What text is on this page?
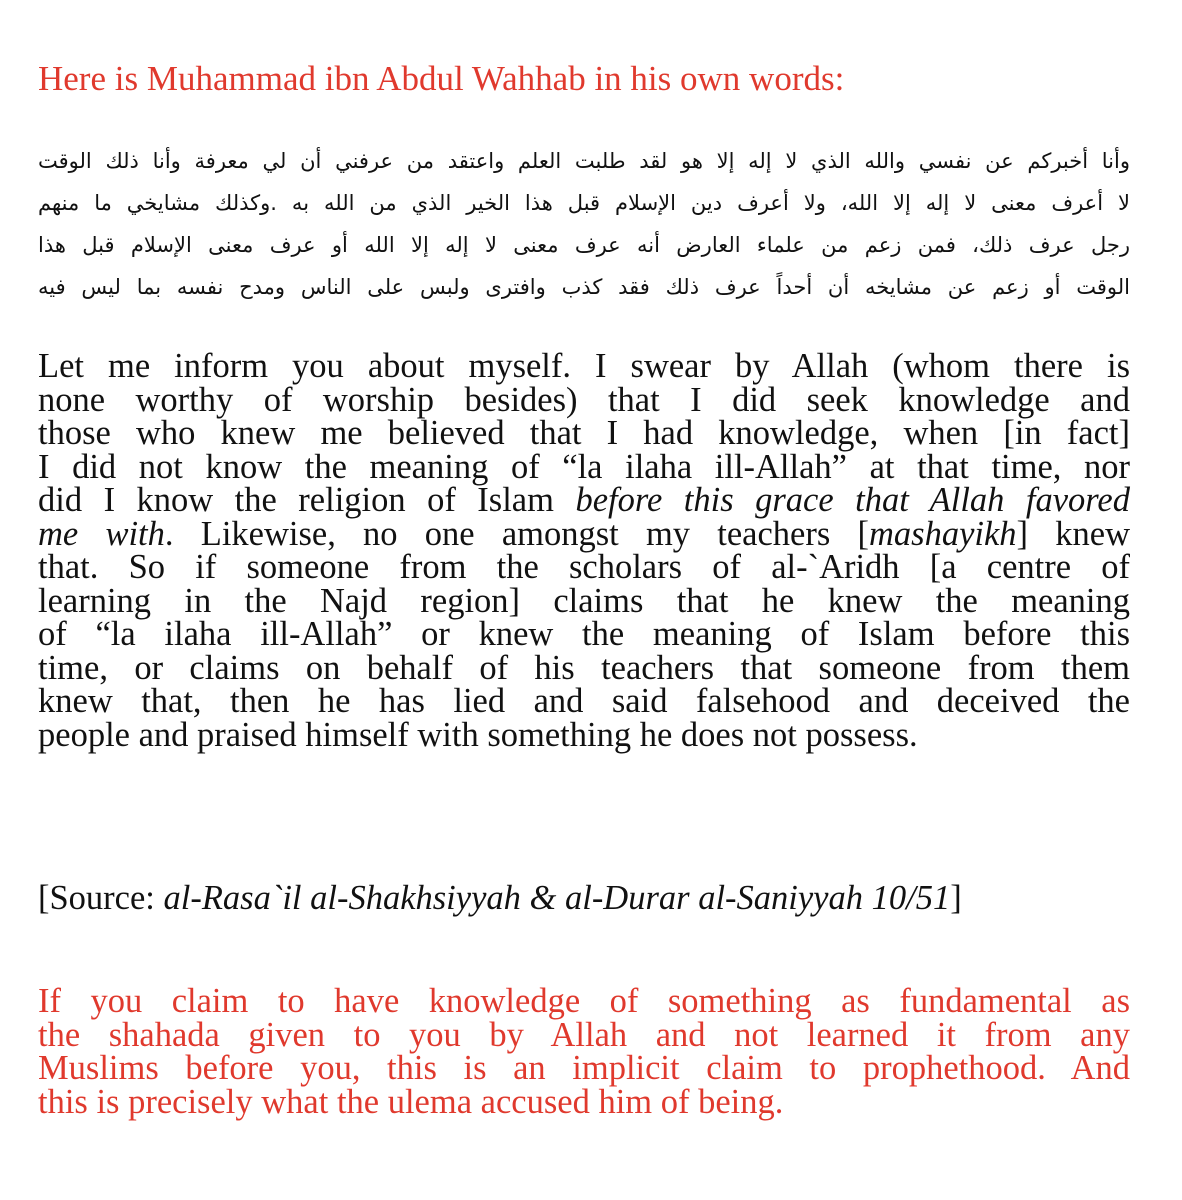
Here is Muhammad ibn Abdul Wahhab in his own words:
وأنا أخبركم عن نفسي والله الذي لا إله إلا هو لقد طلبت العلم واعتقد من عرفني أن لي معرفة وأنا ذلك الوقت
لا أعرف معنى لا إله إلا الله، ولا أعرف دين الإسلام قبل هذا الخير الذي من الله به .وكذلك مشايخي ما منهم
رجل عرف ذلك، فمن زعم من علماء العارض أنه عرف معنى لا إله إلا الله أو عرف معنى الإسلام قبل هذا
الوقت أو زعم عن مشايخه أن أحداً عرف ذلك فقد كذب وافترى ولبس على الناس ومدح نفسه بما ليس فيه
Let me inform you about myself. I swear by Allah (whom there is
none worthy of worship besides) that I did seek knowledge and
those who knew me believed that I had knowledge, when [in fact]
I did not know the meaning of “la ilaha ill-Allah” at that time, nor
did I know the religion of Islam before this grace that Allah favored
me with. Likewise, no one amongst my teachers [mashayikh] knew
that. So if someone from the scholars of al-`Aridh [a centre of
learning in the Najd region] claims that he knew the meaning
of “la ilaha ill-Allah” or knew the meaning of Islam before this
time, or claims on behalf of his teachers that someone from them
knew that, then he has lied and said falsehood and deceived the
people and praised himself with something he does not possess.
[Source: al-Rasa`il al-Shakhsiyyah & al-Durar al-Saniyyah 10/51]
If you claim to have knowledge of something as fundamental as
the shahada given to you by Allah and not learned it from any
Muslims before you, this is an implicit claim to prophethood. And
this is precisely what the ulema accused him of being.
